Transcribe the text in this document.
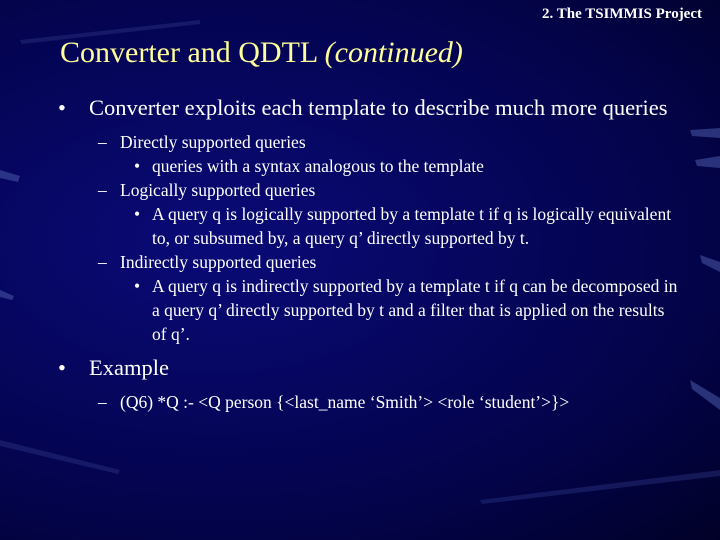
2. The TSIMMIS Project
Converter and QDTL (continued)
• Converter exploits each template to describe much more queries
– Directly supported queries
• queries with a syntax analogous to the template
– Logically supported queries
• A query q is logically supported by a template t if q is logically equivalent to, or subsumed by, a query q’ directly supported by t.
– Indirectly supported queries
• A query q is indirectly supported by a template t if q can be decomposed in a query q’ directly supported by t and a filter that is applied on the results of q’.
• Example
– (Q6) *Q :- <Q person {<last_name ‘Smith’> <role ‘student’>}>
